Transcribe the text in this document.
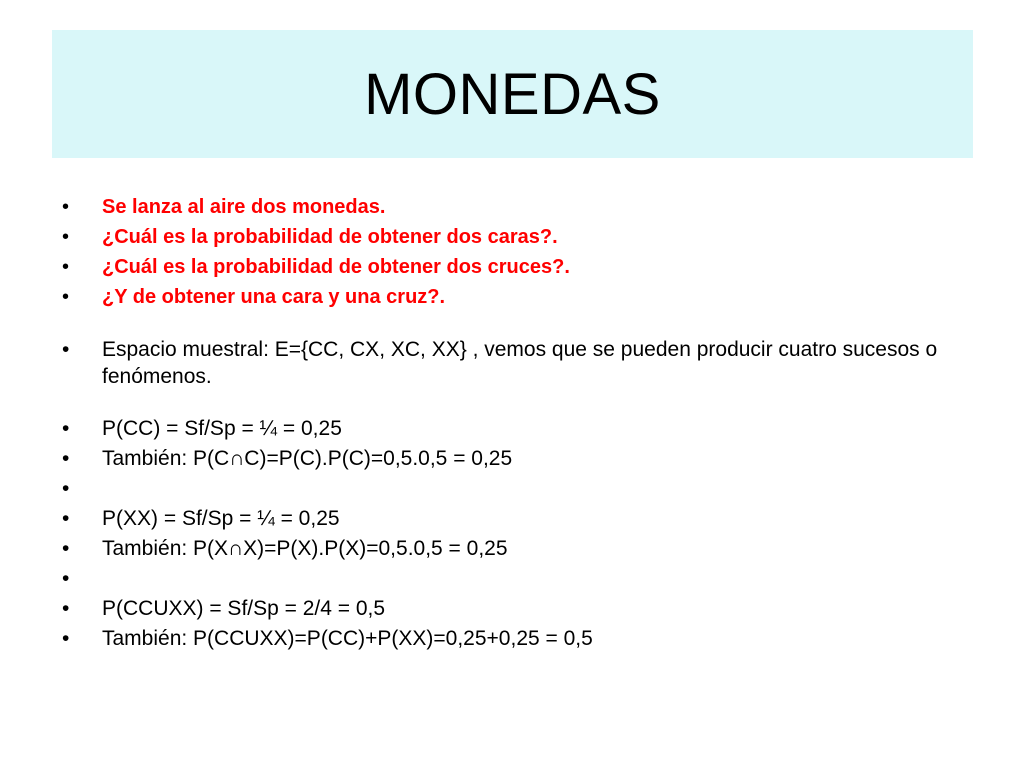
MONEDAS
• Se lanza al aire dos monedas.
• ¿Cuál es la probabilidad de obtener dos caras?.
• ¿Cuál es la probabilidad de obtener dos cruces?.
• ¿Y de obtener una cara y una cruz?.
• Espacio muestral: E={CC, CX, XC, XX} , vemos que se pueden producir cuatro sucesos o fenómenos.
• P(CC) = Sf/Sp = ¼ = 0,25
• También: P(C∩C)=P(C).P(C)=0,5.0,5 = 0,25
•
• P(XX) = Sf/Sp = ¼ = 0,25
• También: P(X∩X)=P(X).P(X)=0,5.0,5 = 0,25
•
• P(CCUXX) = Sf/Sp = 2/4 = 0,5
• También: P(CCUXX)=P(CC)+P(XX)=0,25+0,25 = 0,5
